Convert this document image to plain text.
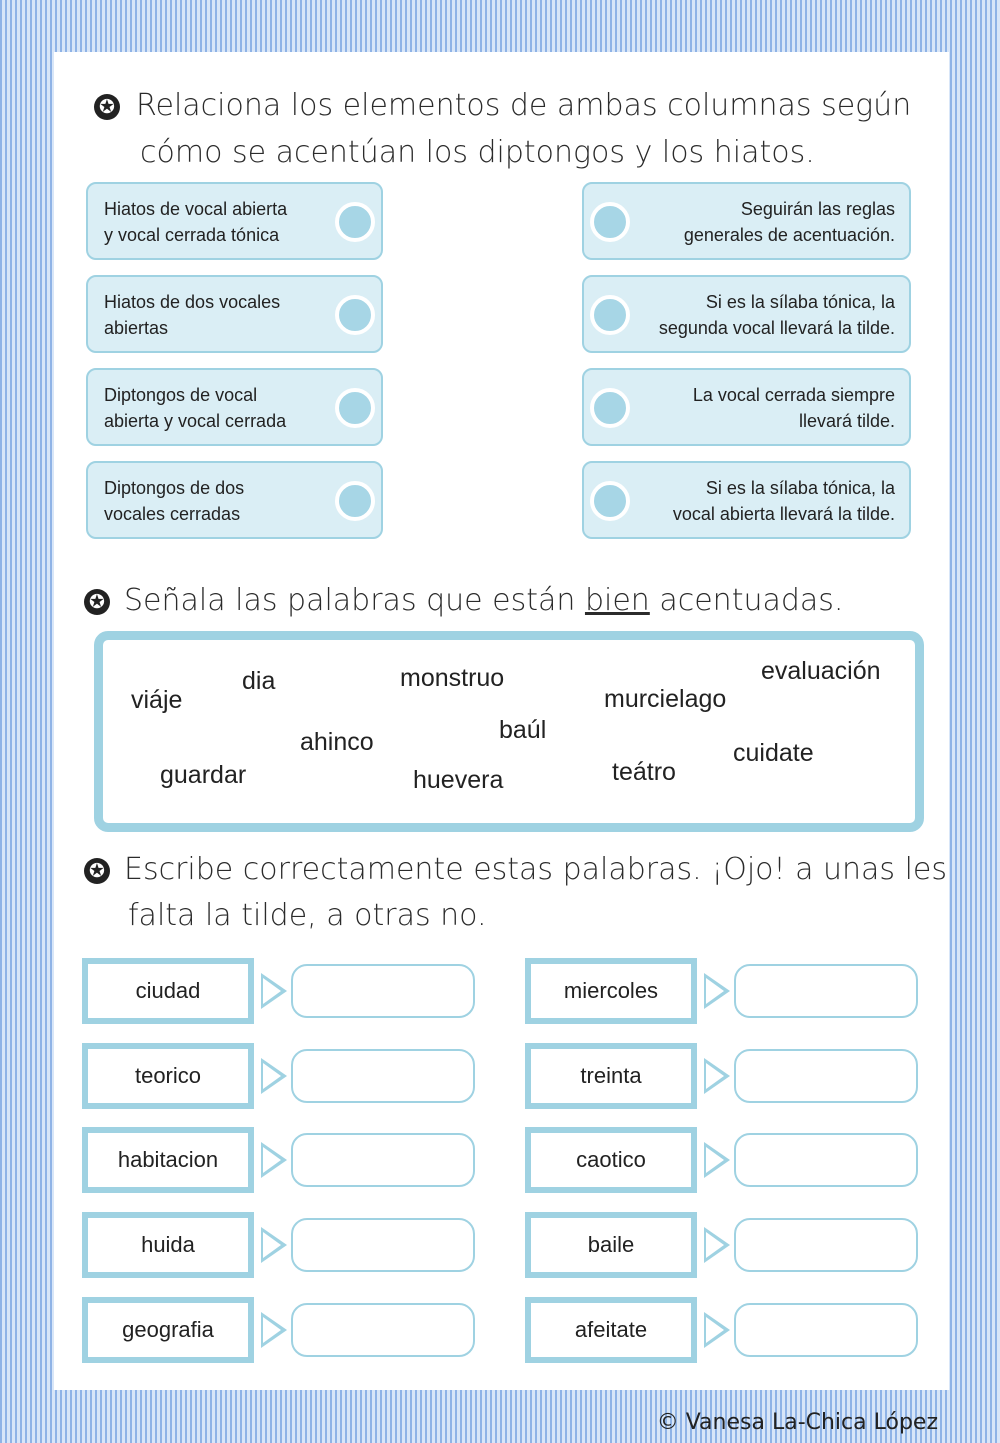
✪ Relaciona los elementos de ambas columnas según
cómo se acentúan los diptongos y los hiatos.
Hiatos de vocal abierta
y vocal cerrada tónica
Hiatos de dos vocales
abiertas
Diptongos de vocal
abierta y vocal cerrada
Diptongos de dos
vocales cerradas
Seguirán las reglas
generales de acentuación.
Si es la sílaba tónica, la
segunda vocal llevará la tilde.
La vocal cerrada siempre
llevará tilde.
Si es la sílaba tónica, la
vocal abierta llevará la tilde.
✪ Señala las palabras que están bien acentuadas.
viáje
dia	monstruo
murcielago
evaluación
ahinco	baúl
guardar	huevera	teátro
cuidate
✪ Escribe correctamente estas palabras. ¡Ojo! a unas les
falta la tilde, a otras no.
ciudad
teorico
habitacion
huida
geografia
miercoles
treinta
caotico
baile
afeitate
© Vanesa La-Chica López
